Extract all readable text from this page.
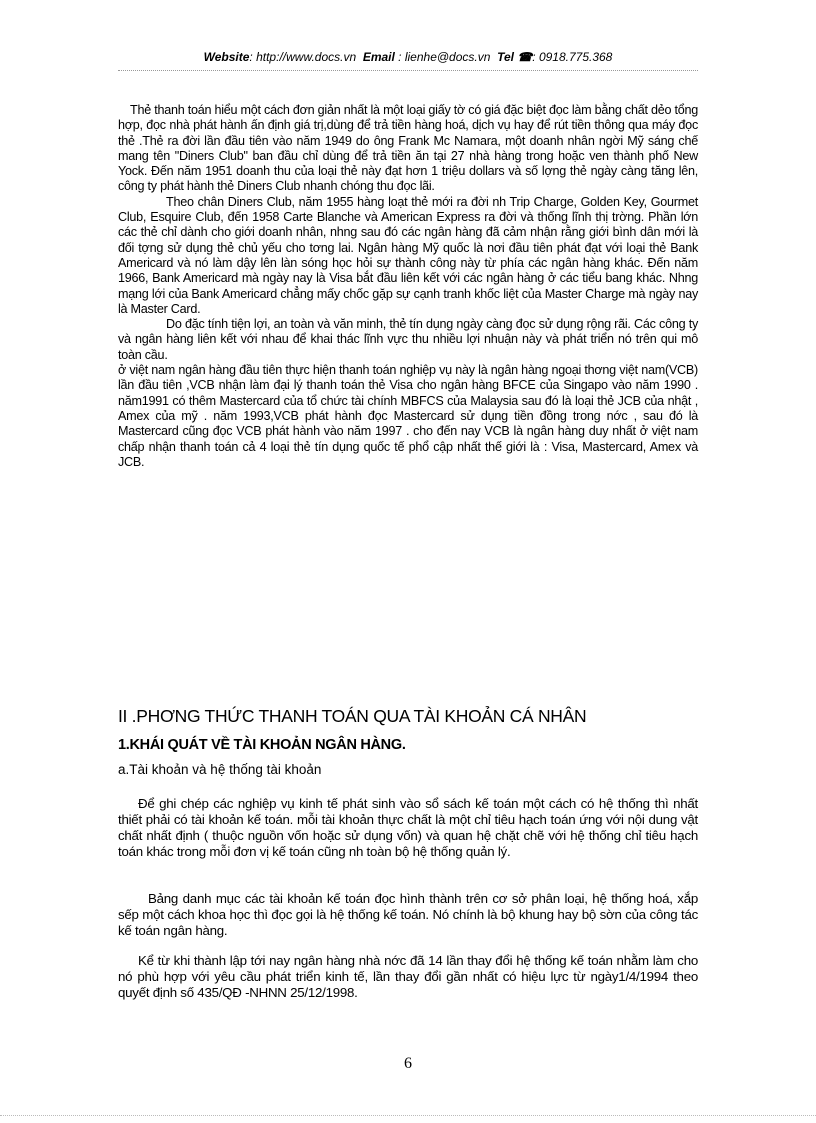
Website: http://www.docs.vn Email : lienhe@docs.vn Tel ☎: 0918.775.368

Thẻ thanh toán hiểu một cách đơn giản nhất là một loại giấy tờ có giá đặc biệt đọc làm bằng chất dẻo tổng hợp, đọc nhà phát hành ấn định giá trị,dùng để trả tiền hàng hoá, dịch vụ hay để rút tiền thông qua máy đọc thẻ .Thẻ ra đời lần đầu tiên vào năm 1949 do ông Frank Mc Namara, một doanh nhân ngời Mỹ sáng chế mang tên "Diners Club" ban đầu chỉ dùng để trả tiền ăn tại 27 nhà hàng trong hoặc ven thành phố New Yock. Đến năm 1951 doanh thu của loại thẻ này đạt hơn 1 triệu dollars và số lợng thẻ ngày càng tăng lên, công ty phát hành thẻ Diners Club nhanh chóng thu đọc lãi.

Theo chân Diners Club, năm 1955 hàng loạt thẻ mới ra đời nh Trip Charge, Golden Key, Gourmet Club, Esquire Club, đến 1958 Carte Blanche và American Express ra đời và thống lĩnh thị trờng. Phần lớn các thẻ chỉ dành cho giới doanh nhân, nhng sau đó các ngân hàng đã cảm nhận rằng giới bình dân mới là đối tợng sử dụng thẻ chủ yếu cho tơng lai. Ngân hàng Mỹ quốc là nơi đầu tiên phát đạt với loại thẻ Bank Americard và nó làm dậy lên làn sóng học hỏi sự thành công này từ phía các ngân hàng khác. Đến năm 1966, Bank Americard mà ngày nay là Visa bắt đầu liên kết với các ngân hàng ở các tiểu bang khác. Nhng mạng lới của Bank Americard chẳng mấy chốc gặp sự cạnh tranh khốc liệt của Master Charge mà ngày nay là Master Card.

Do đặc tính tiện lợi, an toàn và văn minh, thẻ tín dụng ngày càng đọc sử dụng rộng rãi. Các công ty và ngân hàng liên kết với nhau để khai thác lĩnh vực thu nhiều lợi nhuận này và phát triển nó trên qui mô toàn cầu.

ở việt nam ngân hàng đầu tiên thực hiện thanh toán nghiệp vụ này là ngân hàng ngoại thơng việt nam(VCB) lần đầu tiên ,VCB nhận làm đại lý thanh toán thẻ Visa cho ngân hàng BFCE của Singapo vào năm 1990 . năm1991 có thêm Mastercard của tổ chức tài chính MBFCS của Malaysia sau đó là loại thẻ JCB của nhật , Amex của mỹ . năm 1993,VCB phát hành đọc Mastercard sử dụng tiền đồng trong nớc , sau đó là Mastercard cũng đọc VCB phát hành vào năm 1997 . cho đến nay VCB là ngân hàng duy nhất ở việt nam chấp nhận thanh toán cả 4 loại thẻ tín dụng quốc tế phổ cập nhất thế giới là : Visa, Mastercard, Amex và JCB.

II .PHƠNG THỨC THANH TOÁN QUA TÀI KHOẢN CÁ NHÂN
1.KHÁI QUÁT VỀ TÀI KHOẢN NGÂN HÀNG.
a.Tài khoản và hệ thống tài khoản

Để ghi chép các nghiệp vụ kinh tế phát sinh vào sổ sách kế toán một cách có hệ thống thì nhất thiết phải có tài khoản kế toán. mỗi tài khoản thực chất là một chỉ tiêu hạch toán ứng với nội dung vật chất nhất định ( thuộc nguồn vốn hoặc sử dụng vốn) và quan hệ chặt chẽ với hệ thống chỉ tiêu hạch toán khác trong mỗi đơn vị kế toán cũng nh toàn bộ hệ thống quản lý.

Bảng danh mục các tài khoản kế toán đọc hình thành trên cơ sở phân loại, hệ thống hoá, xắp sếp một cách khoa học thì đọc gọi là hệ thống kế toán. Nó chính là bộ khung hay bộ sờn của công tác kế toán ngân hàng.

Kể từ khi thành lập tới nay ngân hàng nhà nớc đã 14 lần thay đổi hệ thống kế toán nhằm làm cho nó phù hợp với yêu cầu phát triển kinh tế, lần thay đổi gần nhất có hiệu lực từ ngày1/4/1994 theo quyết định số 435/QĐ -NHNN 25/12/1998.

6
